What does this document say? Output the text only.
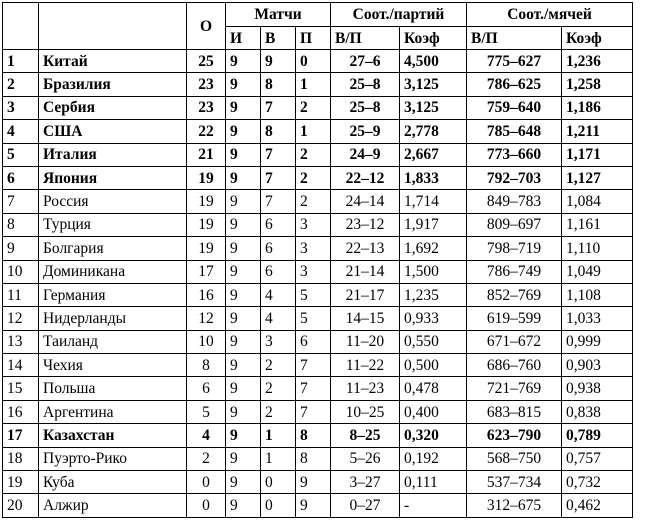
		О	Матчи			Соот./партий		Соот./мячей	
			И	В	П	В/П	Коэф	В/П	Коэф
1	Китай	25	9	9	0	27–6	4,500	775–627	1,236
2	Бразилия	23	9	8	1	25–8	3,125	786–625	1,258
3	Сербия	23	9	7	2	25–8	3,125	759–640	1,186
4	США	22	9	8	1	25–9	2,778	785–648	1,211
5	Италия	21	9	7	2	24–9	2,667	773–660	1,171
6	Япония	19	9	7	2	22–12	1,833	792–703	1,127
7	Россия	19	9	7	2	24–14	1,714	849–783	1,084
8	Турция	19	9	6	3	23–12	1,917	809–697	1,161
9	Болгария	19	9	6	3	22–13	1,692	798–719	1,110
10	Доминикана	17	9	6	3	21–14	1,500	786–749	1,049
11	Германия	16	9	4	5	21–17	1,235	852–769	1,108
12	Нидерланды	12	9	4	5	14–15	0,933	619–599	1,033
13	Таиланд	10	9	3	6	11–20	0,550	671–672	0,999
14	Чехия	8	9	2	7	11–22	0,500	686–760	0,903
15	Польша	6	9	2	7	11–23	0,478	721–769	0,938
16	Аргентина	5	9	2	7	10–25	0,400	683–815	0,838
17	Казахстан	4	9	1	8	8–25	0,320	623–790	0,789
18	Пуэрто-Рико	2	9	1	8	5–26	0,192	568–750	0,757
19	Куба	0	9	0	9	3–27	0,111	537–734	0,732
20	Алжир	0	9	0	9	0–27	-	312–675	0,462
